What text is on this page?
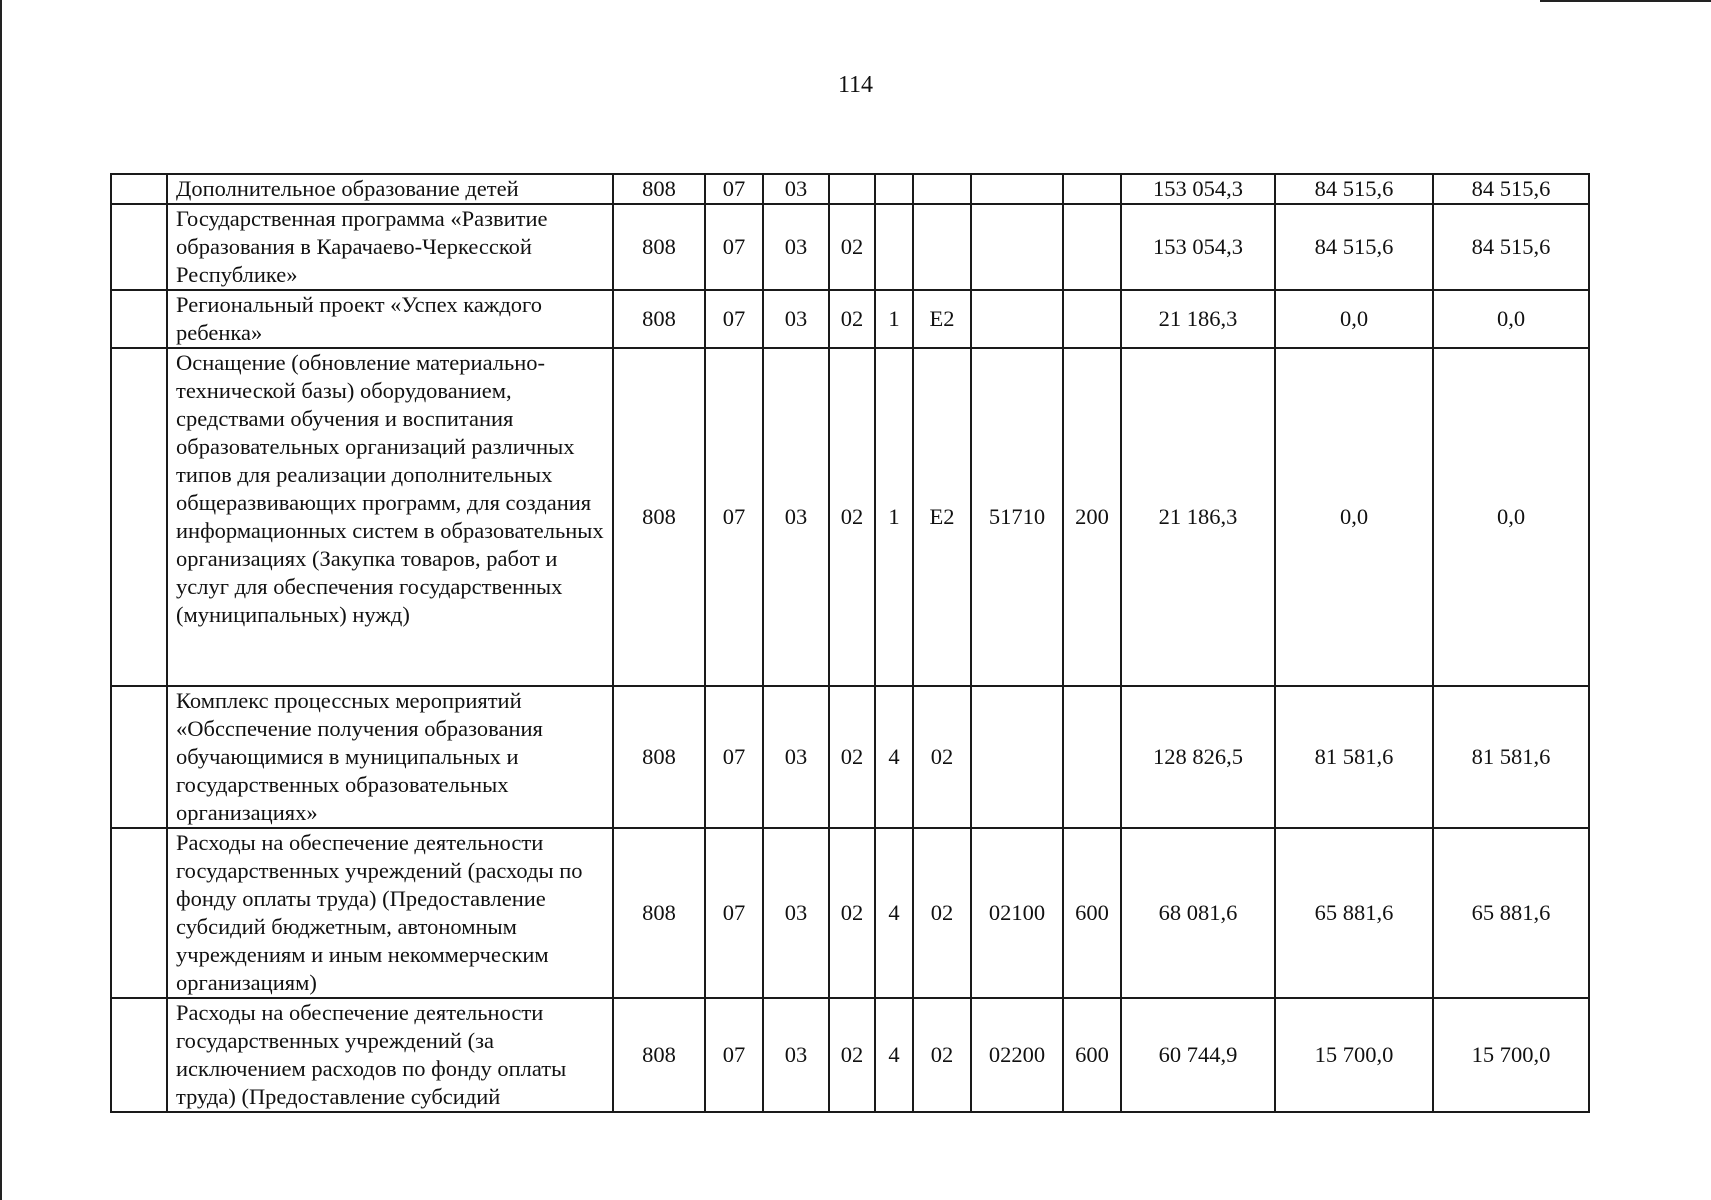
114
	Дополнительное образование детей	808	07	03						153 054,3	84 515,6	84 515,6
	Государственная программа «Развитие образования в Карачаево-Черкесской Республике»	808	07	03	02					153 054,3	84 515,6	84 515,6
	Региональный проект «Успех каждого ребенка»	808	07	03	02	1	Е2			21 186,3	0,0	0,0
	Оснащение (обновление материально-технической базы) оборудованием, средствами обучения и воспитания образовательных организаций различных типов для реализации дополнительных общеразвивающих программ, для создания информационных систем в образовательных организациях (Закупка товаров, работ и услуг для обеспечения государственных (муниципальных) нужд)	808	07	03	02	1	Е2	51710	200	21 186,3	0,0	0,0
	Комплекс процессных мероприятий «Обсспечение получения образования обучающимися в муниципальных и государственных образовательных организациях»	808	07	03	02	4	02			128 826,5	81 581,6	81 581,6
	Расходы на обеспечение деятельности государственных учреждений (расходы по фонду оплаты труда) (Предоставление субсидий бюджетным, автономным учреждениям и иным некоммерческим организациям)	808	07	03	02	4	02	02100	600	68 081,6	65 881,6	65 881,6
	Расходы на обеспечение деятельности государственных учреждений (за исключением расходов по фонду оплаты труда) (Предоставление субсидий	808	07	03	02	4	02	02200	600	60 744,9	15 700,0	15 700,0
